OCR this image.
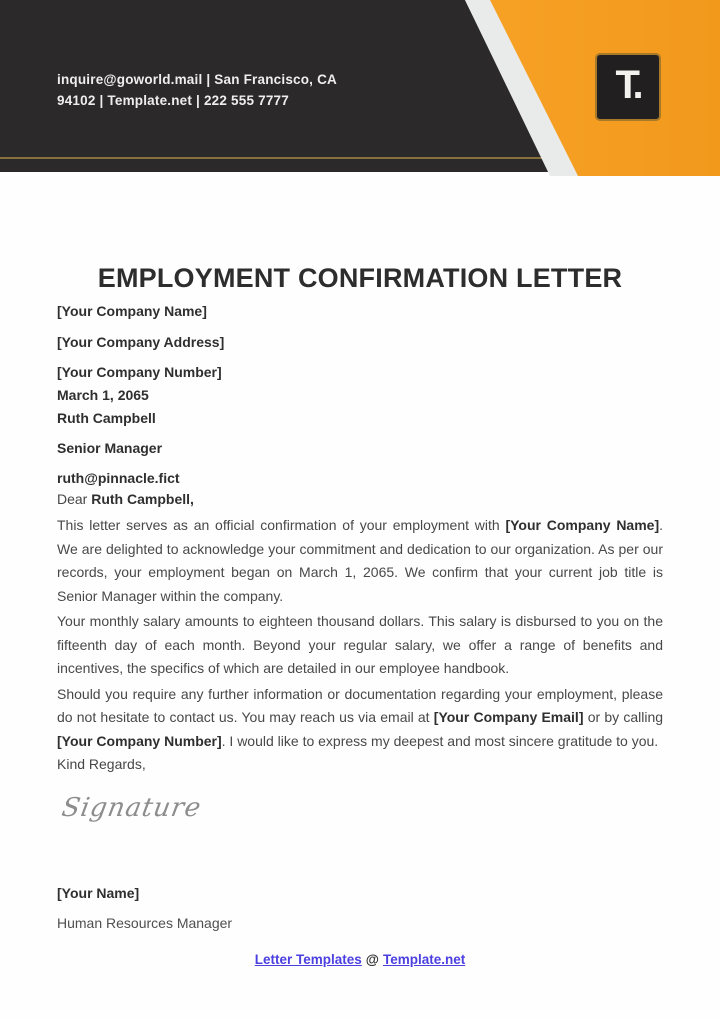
inquire@goworld.mail | San Francisco, CA
94102 | Template.net | 222 555 7777	T.
EMPLOYMENT CONFIRMATION LETTER

[Your Company Name]

[Your Company Address]

[Your Company Number]

March 1, 2065

Ruth Campbell

Senior Manager

ruth@pinnacle.fict

Dear Ruth Campbell,

This letter serves as an official confirmation of your employment with [Your Company Name]. We are delighted to acknowledge your commitment and dedication to our organization. As per our records, your employment began on March 1, 2065. We confirm that your current job title is Senior Manager within the company.

Your monthly salary amounts to eighteen thousand dollars. This salary is disbursed to you on the fifteenth day of each month. Beyond your regular salary, we offer a range of benefits and incentives, the specifics of which are detailed in our employee handbook.

Should you require any further information or documentation regarding your employment, please do not hesitate to contact us. You may reach us via email at [Your Company Email] or by calling [Your Company Number]. I would like to express my deepest and most sincere gratitude to you.

Kind Regards,

Signature

[Your Name]

Human Resources Manager

Letter Templates @ Template.net
